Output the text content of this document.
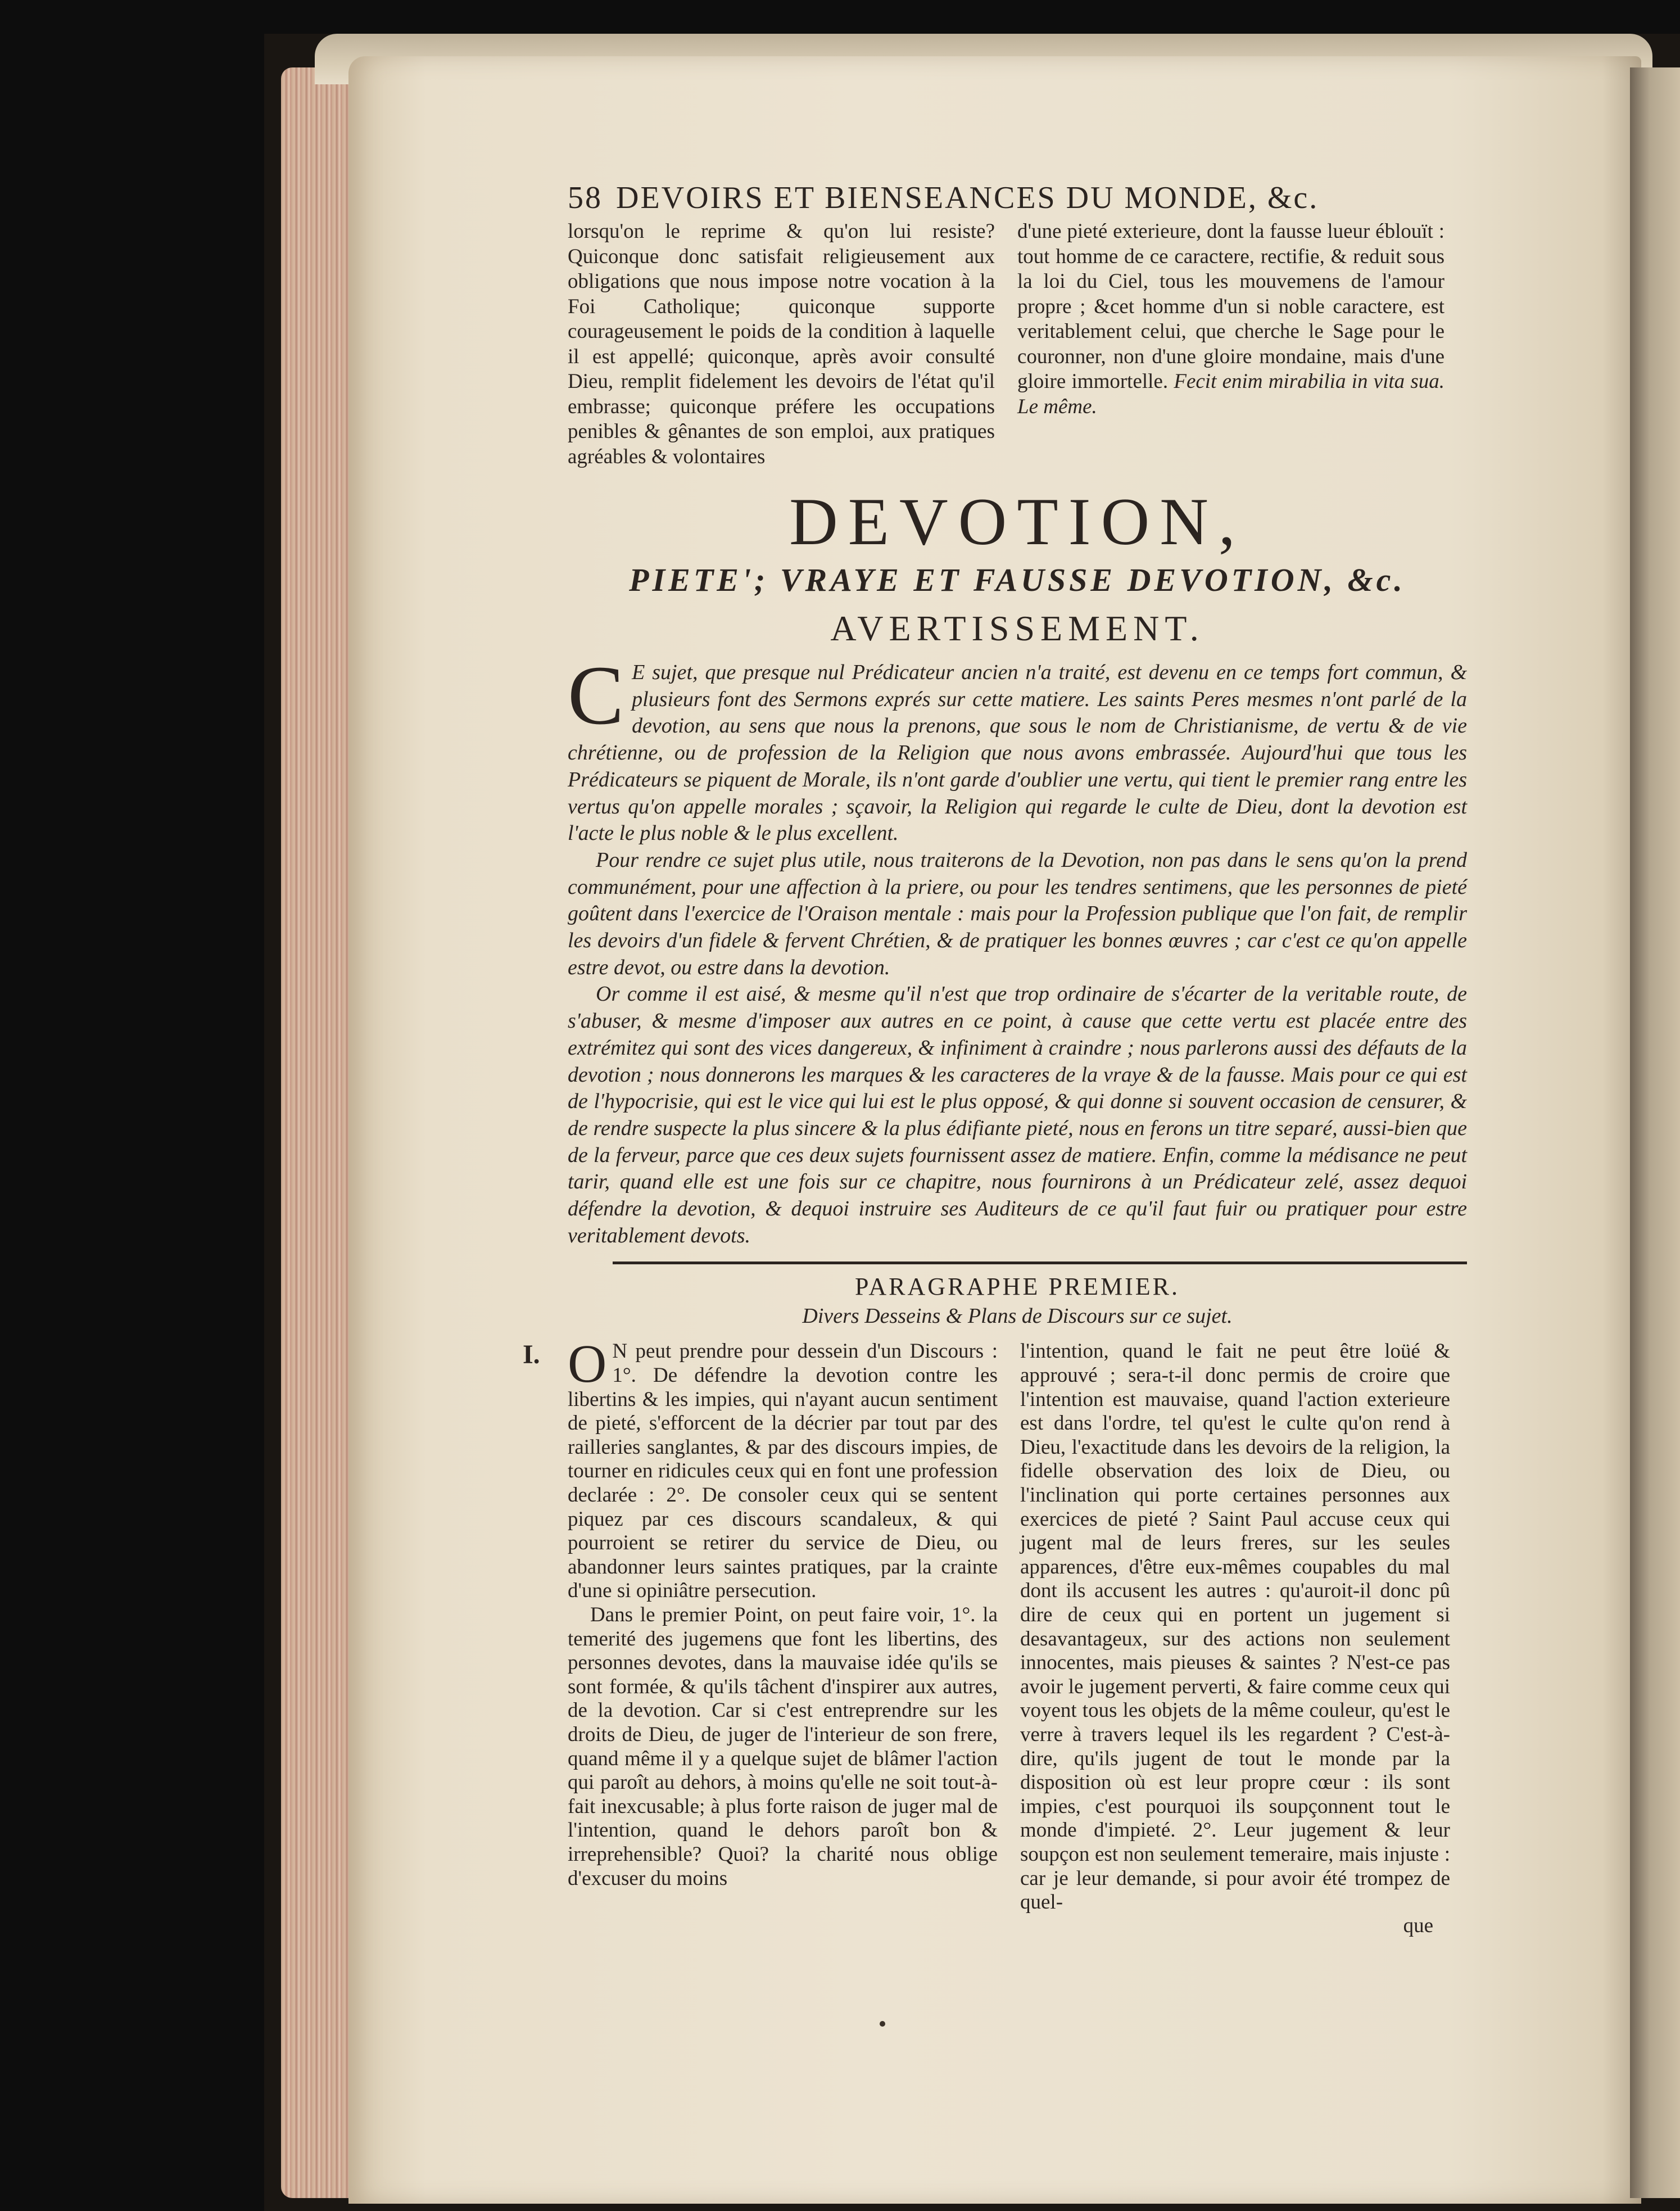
58 DEVOIRS ET BIENSEANCES DU MONDE, &c.
lorsqu'on le reprime & qu'on lui resiste? Quiconque donc satisfait religieusement aux obligations que nous impose notre vocation à la Foi Catholique; quiconque supporte courageusement le poids de la condition à laquelle il est appellé; quiconque, après avoir consulté Dieu, remplit fidelement les devoirs de l'état qu'il embrasse; quiconque préfere les occupations penibles & gênantes de son emploi, aux pratiques agréables & volontaires
d'une pieté exterieure, dont la fausse lueur éblouït : tout homme de ce caractere, rectifie, & reduit sous la loi du Ciel, tous les mouvemens de l'amour propre ; &cet homme d'un si noble caractere, est veritablement celui, que cherche le Sage pour le couronner, non d'une gloire mondaine, mais d'une gloire immortelle. Fecit enim mirabilia in vita sua. Le même.
DEVOTION,
PIETE'; VRAYE ET FAUSSE DEVOTION, &c.
AVERTISSEMENT.

C E sujet, que presque nul Prédicateur ancien n'a traité, est devenu en ce temps fort commun, & plusieurs font des Sermons exprés sur cette matiere. Les saints Peres mesmes n'ont parlé de la devotion, au sens que nous la prenons, que sous le nom de Christianisme, de vertu & de vie chrétienne, ou de profession de la Religion que nous avons embrassée. Aujourd'hui que tous les Prédicateurs se piquent de Morale, ils n'ont garde d'oublier une vertu, qui tient le premier rang entre les vertus qu'on appelle morales ; sçavoir, la Religion qui regarde le culte de Dieu, dont la devotion est l'acte le plus noble & le plus excellent.

Pour rendre ce sujet plus utile, nous traiterons de la Devotion, non pas dans le sens qu'on la prend communément, pour une affection à la priere, ou pour les tendres sentimens, que les personnes de pieté goûtent dans l'exercice de l'Oraison mentale : mais pour la Profession publique que l'on fait, de remplir les devoirs d'un fidele & fervent Chrétien, & de pratiquer les bonnes œuvres ; car c'est ce qu'on appelle estre devot, ou estre dans la devotion.

Or comme il est aisé, & mesme qu'il n'est que trop ordinaire de s'écarter de la veritable route, de s'abuser, & mesme d'imposer aux autres en ce point, à cause que cette vertu est placée entre des extrémitez qui sont des vices dangereux, & infiniment à craindre ; nous parlerons aussi des défauts de la devotion ; nous donnerons les marques & les caracteres de la vraye & de la fausse. Mais pour ce qui est de l'hypocrisie, qui est le vice qui lui est le plus opposé, & qui donne si souvent occasion de censurer, & de rendre suspecte la plus sincere & la plus édifiante pieté, nous en ferons un titre separé, aussi-bien que de la ferveur, parce que ces deux sujets fournissent assez de matiere. Enfin, comme la médisance ne peut tarir, quand elle est une fois sur ce chapitre, nous fournirons à un Prédicateur zelé, assez dequoi défendre la devotion, & dequoi instruire ses Auditeurs de ce qu'il faut fuir ou pratiquer pour estre veritablement devots.

PARAGRAPHE PREMIER.
Divers Desseins & Plans de Discours sur ce sujet.
I. O N peut prendre pour dessein d'un Discours : 1°. De défendre la devotion contre les libertins & les impies, qui n'ayant aucun sentiment de pieté, s'efforcent de la décrier par tout par des railleries sanglantes, & par des discours impies, de tourner en ridicules ceux qui en font une profession declarée : 2°. De consoler ceux qui se sentent piquez par ces discours scandaleux, & qui pourroient se retirer du service de Dieu, ou abandonner leurs saintes pratiques, par la crainte d'une si opiniâtre persecution.

Dans le premier Point, on peut faire voir, 1°. la temerité des jugemens que font les libertins, des personnes devotes, dans la mauvaise idée qu'ils se sont formée, & qu'ils tâchent d'inspirer aux autres, de la devotion. Car si c'est entreprendre sur les droits de Dieu, de juger de l'interieur de son frere, quand même il y a quelque sujet de blâmer l'action qui paroît au dehors, à moins qu'elle ne soit tout-à-fait inexcusable; à plus forte raison de juger mal de l'intention, quand le dehors paroît bon & irreprehensible? Quoi? la charité nous oblige d'excuser du moins

l'intention, quand le fait ne peut être loüé & approuvé ; sera-t-il donc permis de croire que l'intention est mauvaise, quand l'action exterieure est dans l'ordre, tel qu'est le culte qu'on rend à Dieu, l'exactitude dans les devoirs de la religion, la fidelle observation des loix de Dieu, ou l'inclination qui porte certaines personnes aux exercices de pieté ? Saint Paul accuse ceux qui jugent mal de leurs freres, sur les seules apparences, d'être eux-mêmes coupables du mal dont ils accusent les autres : qu'auroit-il donc pû dire de ceux qui en portent un jugement si desavantageux, sur des actions non seulement innocentes, mais pieuses & saintes ? N'est-ce pas avoir le jugement perverti, & faire comme ceux qui voyent tous les objets de la même couleur, qu'est le verre à travers lequel ils les regardent ? C'est-à-dire, qu'ils jugent de tout le monde par la disposition où est leur propre cœur : ils sont impies, c'est pourquoi ils soupçonnent tout le monde d'impieté. 2°. Leur jugement & leur soupçon est non seulement temeraire, mais injuste : car je leur demande, si pour avoir été trompez de quel-

que
